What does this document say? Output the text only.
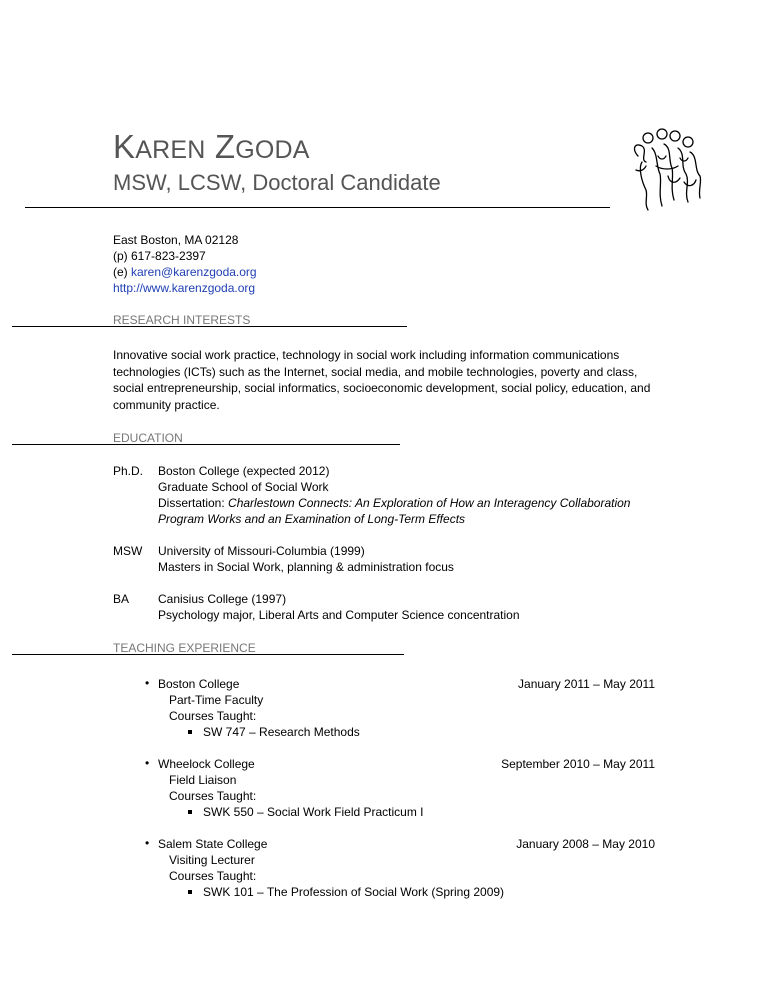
KAREN ZGODA
MSW, LCSW, Doctoral Candidate
East Boston, MA 02128
(p) 617-823-2397
(e) karen@karenzgoda.org
http://www.karenzgoda.org
RESEARCH INTERESTS
Innovative social work practice, technology in social work including information communications technologies (ICTs) such as the Internet, social media, and mobile technologies, poverty and class, social entrepreneurship, social informatics, socioeconomic development, social policy, education, and community practice.
EDUCATION
Ph.D. Boston College (expected 2012)
Graduate School of Social Work
Dissertation: Charlestown Connects: An Exploration of How an Interagency Collaboration Program Works and an Examination of Long-Term Effects
MSW University of Missouri-Columbia (1999)
Masters in Social Work, planning & administration focus
BA Canisius College (1997)
Psychology major, Liberal Arts and Computer Science concentration
TEACHING EXPERIENCE
• Boston College	January 2011 – May 2011
Part-Time Faculty
Courses Taught:
SW 747 – Research Methods
• Wheelock College	September 2010 – May 2011
Field Liaison
Courses Taught:
SWK 550 – Social Work Field Practicum I
• Salem State College	January 2008 – May 2010
Visiting Lecturer
Courses Taught:
SWK 101 – The Profession of Social Work (Spring 2009)
